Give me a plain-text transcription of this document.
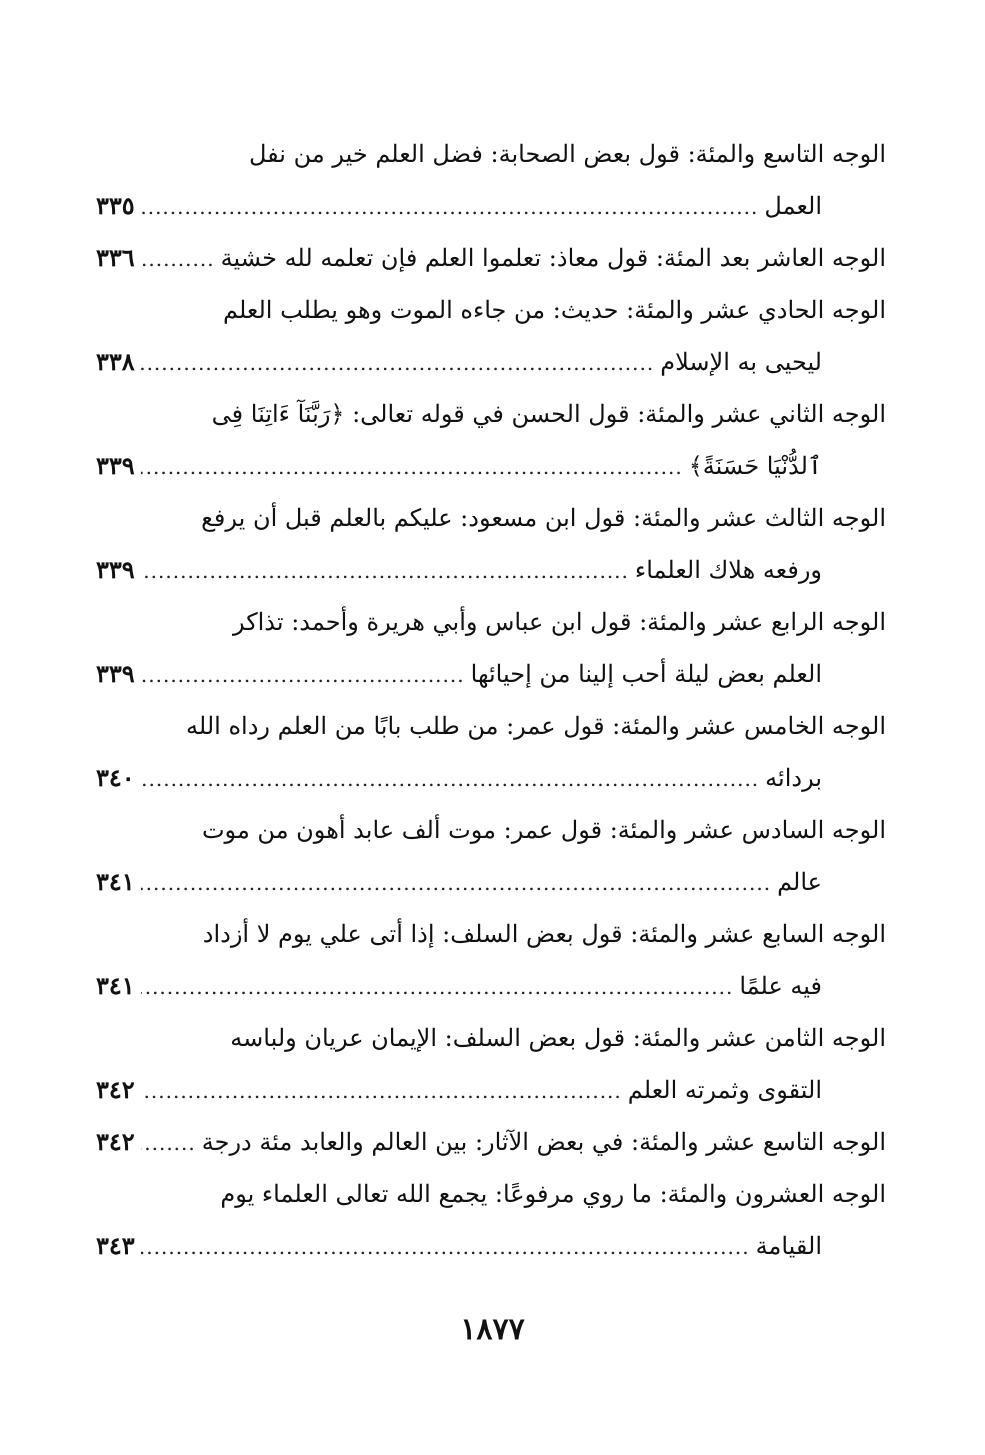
الوجه التاسع والمئة: قول بعض الصحابة: فضل العلم خير من نفل
العمل
.....
٣٣٥
الوجه العاشر بعد المئة: قول معاذ: تعلموا العلم فإن تعلمه لله خشية
.....
٣٣٦
الوجه الحادي عشر والمئة: حديث: من جاءه الموت وهو يطلب العلم
ليحيى به الإسلام
.....
٣٣٨
الوجه الثاني عشر والمئة: قول الحسن في قوله تعالى: ﴿رَبَّنَآ ءَاتِنَا فِى
ٱلدُّنْيَا حَسَنَةً﴾
.....
٣٣٩
الوجه الثالث عشر والمئة: قول ابن مسعود: عليكم بالعلم قبل أن يرفع
ورفعه هلاك العلماء
.....
٣٣٩
الوجه الرابع عشر والمئة: قول ابن عباس وأبي هريرة وأحمد: تذاكر
العلم بعض ليلة أحب إلينا من إحيائها
.....
٣٣٩
الوجه الخامس عشر والمئة: قول عمر: من طلب بابًا من العلم رداه الله
بردائه
.....
٣٤٠
الوجه السادس عشر والمئة: قول عمر: موت ألف عابد أهون من موت
عالم
.....
٣٤١
الوجه السابع عشر والمئة: قول بعض السلف: إذا أتى علي يوم لا أزداد
فيه علمًا
.....
٣٤١
الوجه الثامن عشر والمئة: قول بعض السلف: الإيمان عريان ولباسه
التقوى وثمرته العلم
.....
٣٤٢
الوجه التاسع عشر والمئة: في بعض الآثار: بين العالم والعابد مئة درجة
.....
٣٤٢
الوجه العشرون والمئة: ما روي مرفوعًا: يجمع الله تعالى العلماء يوم
القيامة
.....
٣٤٣
١٨٧٧
